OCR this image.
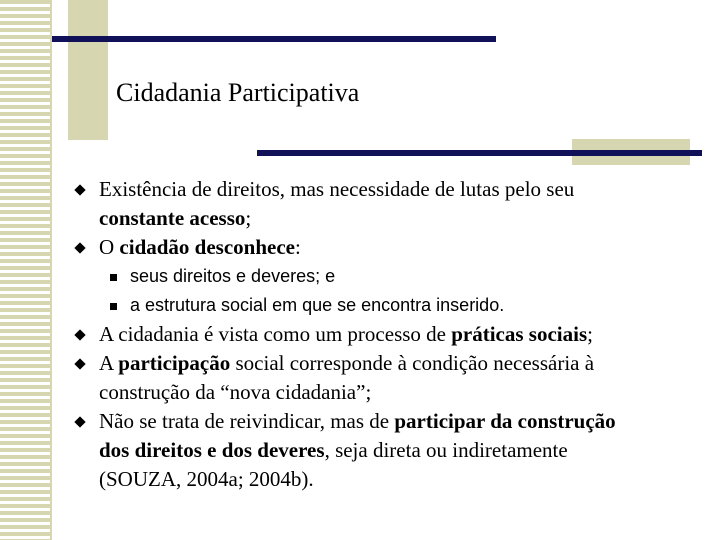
Cidadania Participativa
Existência de direitos, mas necessidade de lutas pelo seu
constante acesso;
O cidadão desconhece:
seus direitos e deveres; e
a estrutura social em que se encontra inserido.
A cidadania é vista como um processo de práticas sociais;
A participação social corresponde à condição necessária à
construção da “nova cidadania”;
Não se trata de reivindicar, mas de participar da construção
dos direitos e dos deveres, seja direta ou indiretamente
(SOUZA, 2004a; 2004b).
